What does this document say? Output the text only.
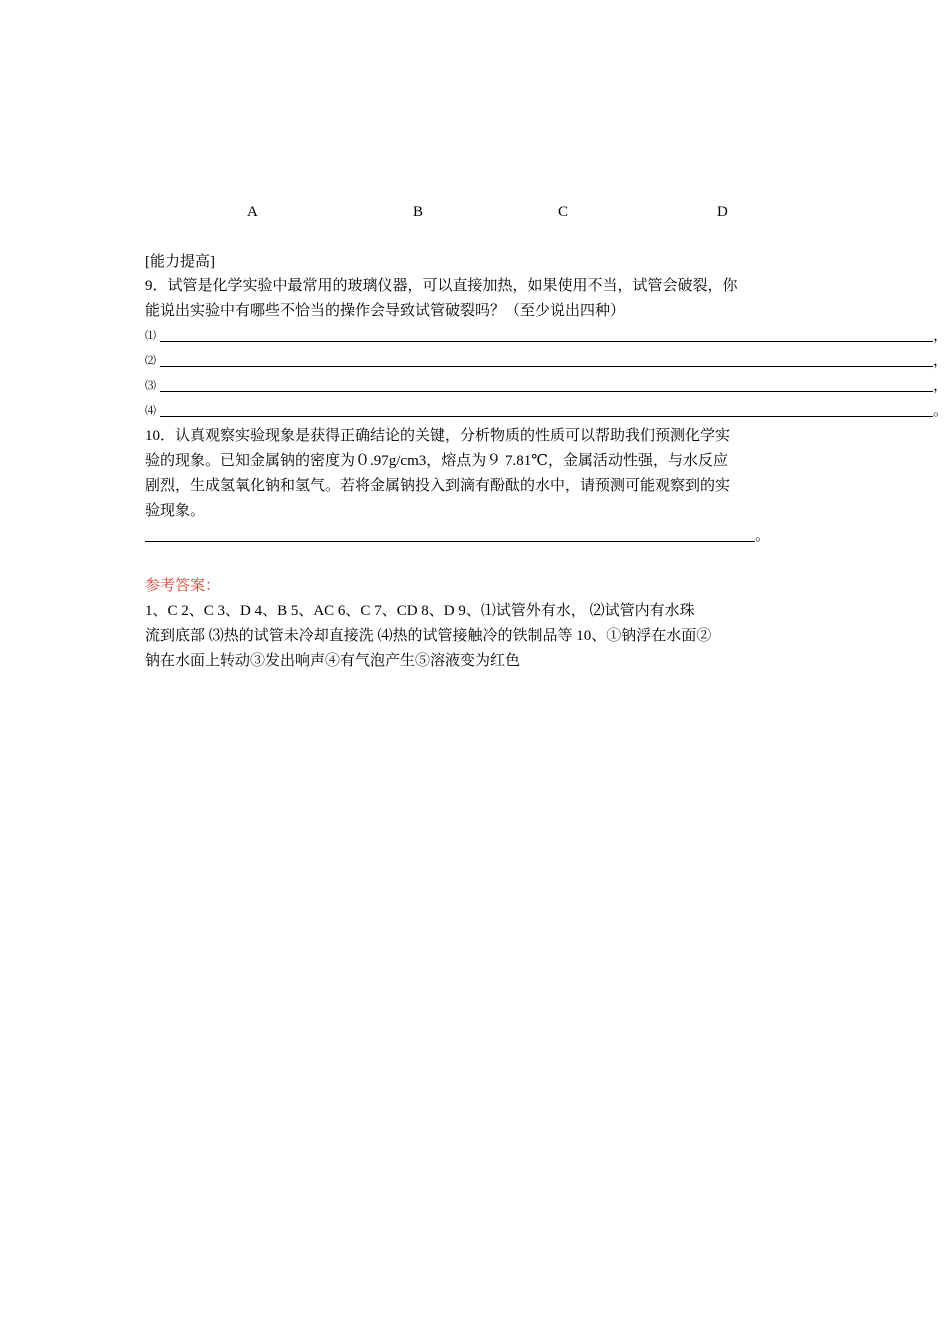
A	B	C	D
[能力提高]
9．试管是化学实验中最常用的玻璃仪器，可以直接加热，如果使用不当，试管会破裂，你
能说出实验中有哪些不恰当的操作会导致试管破裂吗？（至少说出四种）
⑴	，
⑵	，
⑶	，
⑷	。
10．认真观察实验现象是获得正确结论的关键，分析物质的性质可以帮助我们预测化学实
验的现象。已知金属钠的密度为０.97g/cm3，熔点为９ 7.81℃，金属活动性强，与水反应
剧烈，生成氢氧化钠和氢气。若将金属钠投入到滴有酚酞的水中，请预测可能观察到的实
验现象。
。
参考答案：
1、C 2、C 3、D 4、B 5、AC 6、C 7、CD 8、D 9、⑴试管外有水， ⑵试管内有水珠
流到底部 ⑶热的试管未冷却直接洗 ⑷热的试管接触冷的铁制品等 10、①钠浮在水面②
钠在水面上转动③发出响声④有气泡产生⑤溶液变为红色
